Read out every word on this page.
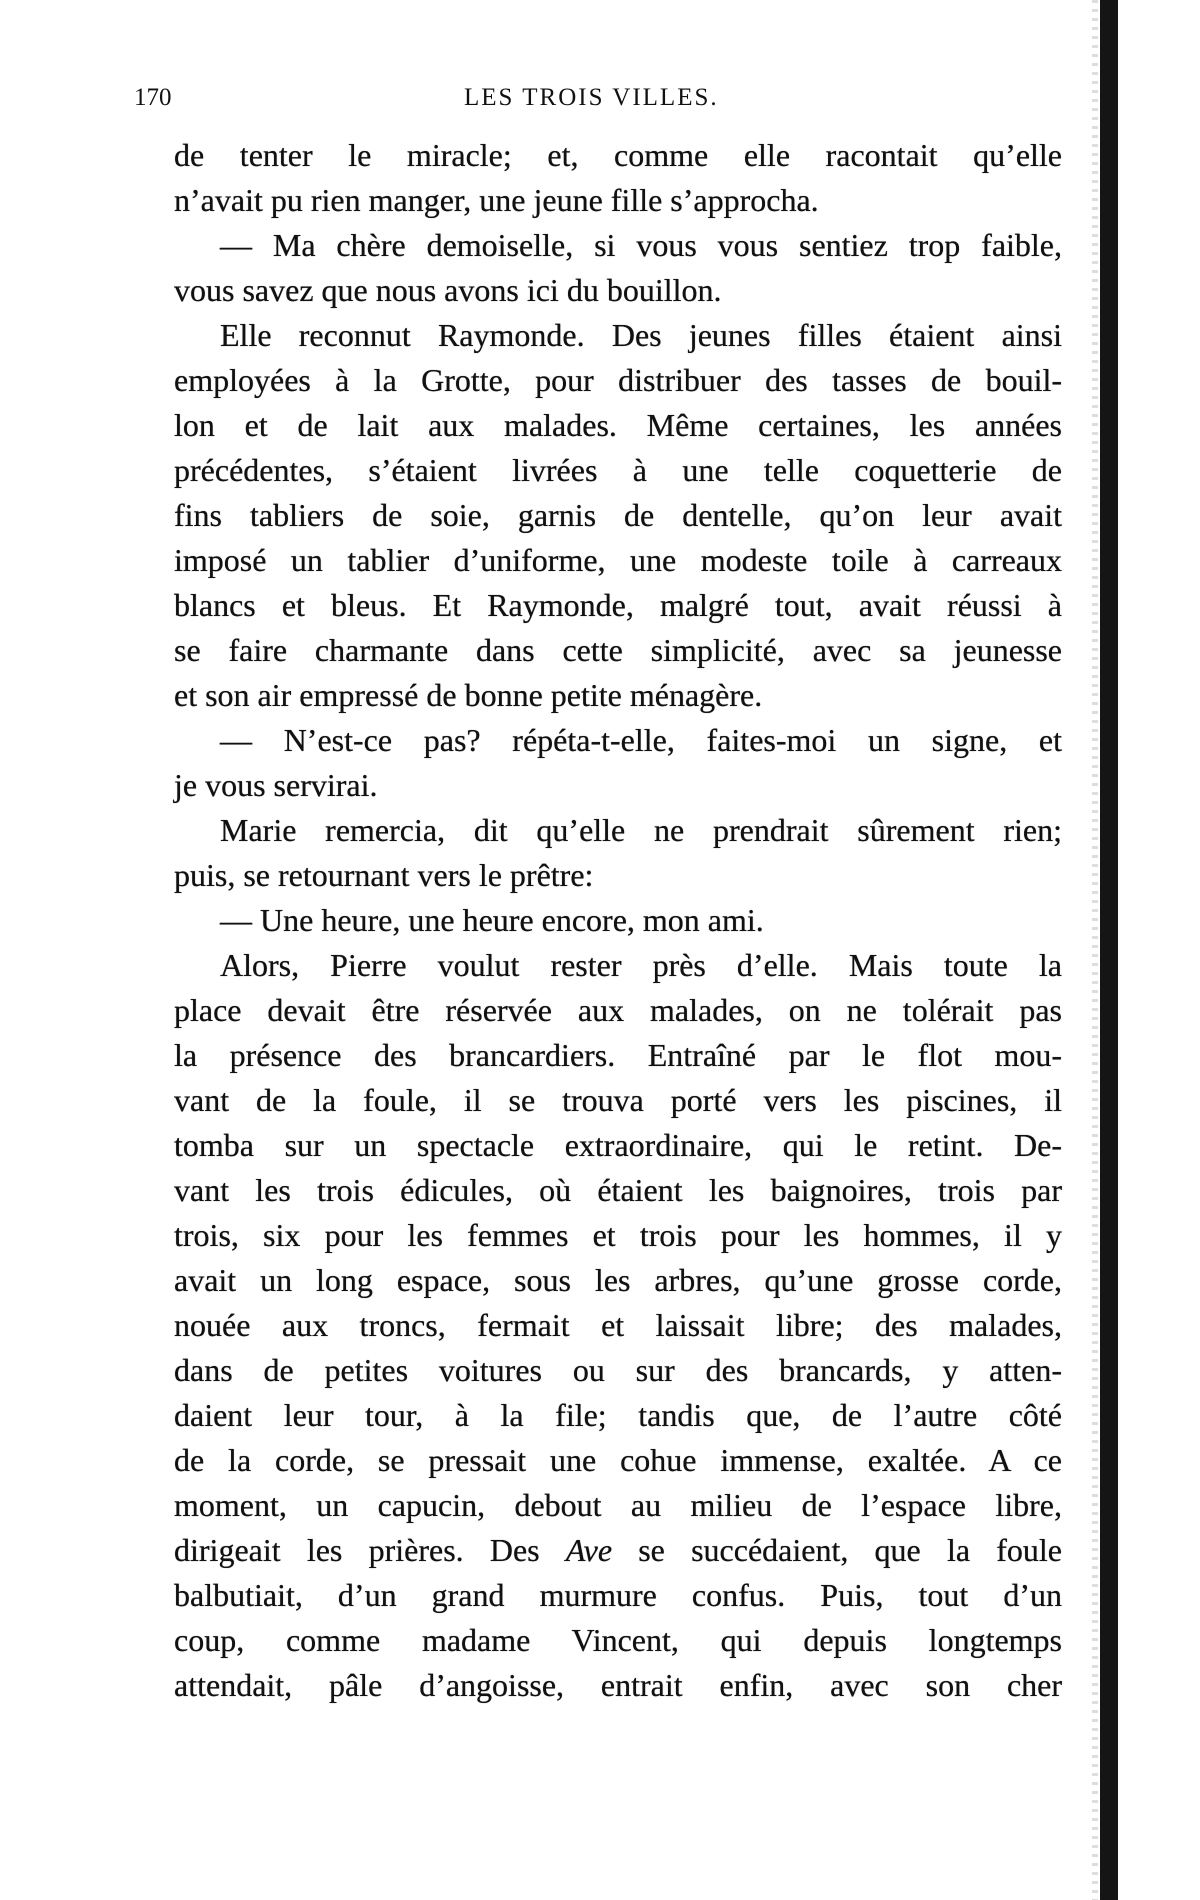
170	LES TROIS VILLES.
de tenter le miracle; et, comme elle racontait qu’elle
n’avait pu rien manger, une jeune fille s’approcha.
— Ma chère demoiselle, si vous vous sentiez trop faible,
vous savez que nous avons ici du bouillon.
Elle reconnut Raymonde. Des jeunes filles étaient ainsi
employées à la Grotte, pour distribuer des tasses de bouil-
lon et de lait aux malades. Même certaines, les années
précédentes, s’étaient livrées à une telle coquetterie de
fins tabliers de soie, garnis de dentelle, qu’on leur avait
imposé un tablier d’uniforme, une modeste toile à carreaux
blancs et bleus. Et Raymonde, malgré tout, avait réussi à
se faire charmante dans cette simplicité, avec sa jeunesse
et son air empressé de bonne petite ménagère.
— N’est-ce pas? répéta-t-elle, faites-moi un signe, et
je vous servirai.
Marie remercia, dit qu’elle ne prendrait sûrement rien;
puis, se retournant vers le prêtre:
— Une heure, une heure encore, mon ami.
Alors, Pierre voulut rester près d’elle. Mais toute la
place devait être réservée aux malades, on ne tolérait pas
la présence des brancardiers. Entraîné par le flot mou-
vant de la foule, il se trouva porté vers les piscines, il
tomba sur un spectacle extraordinaire, qui le retint. De-
vant les trois édicules, où étaient les baignoires, trois par
trois, six pour les femmes et trois pour les hommes, il y
avait un long espace, sous les arbres, qu’une grosse corde,
nouée aux troncs, fermait et laissait libre; des malades,
dans de petites voitures ou sur des brancards, y atten-
daient leur tour, à la file; tandis que, de l’autre côté
de la corde, se pressait une cohue immense, exaltée. A ce
moment, un capucin, debout au milieu de l’espace libre,
dirigeait les prières. Des Ave se succédaient, que la foule
balbutiait, d’un grand murmure confus. Puis, tout d’un
coup, comme madame Vincent, qui depuis longtemps
attendait, pâle d’angoisse, entrait enfin, avec son cher
